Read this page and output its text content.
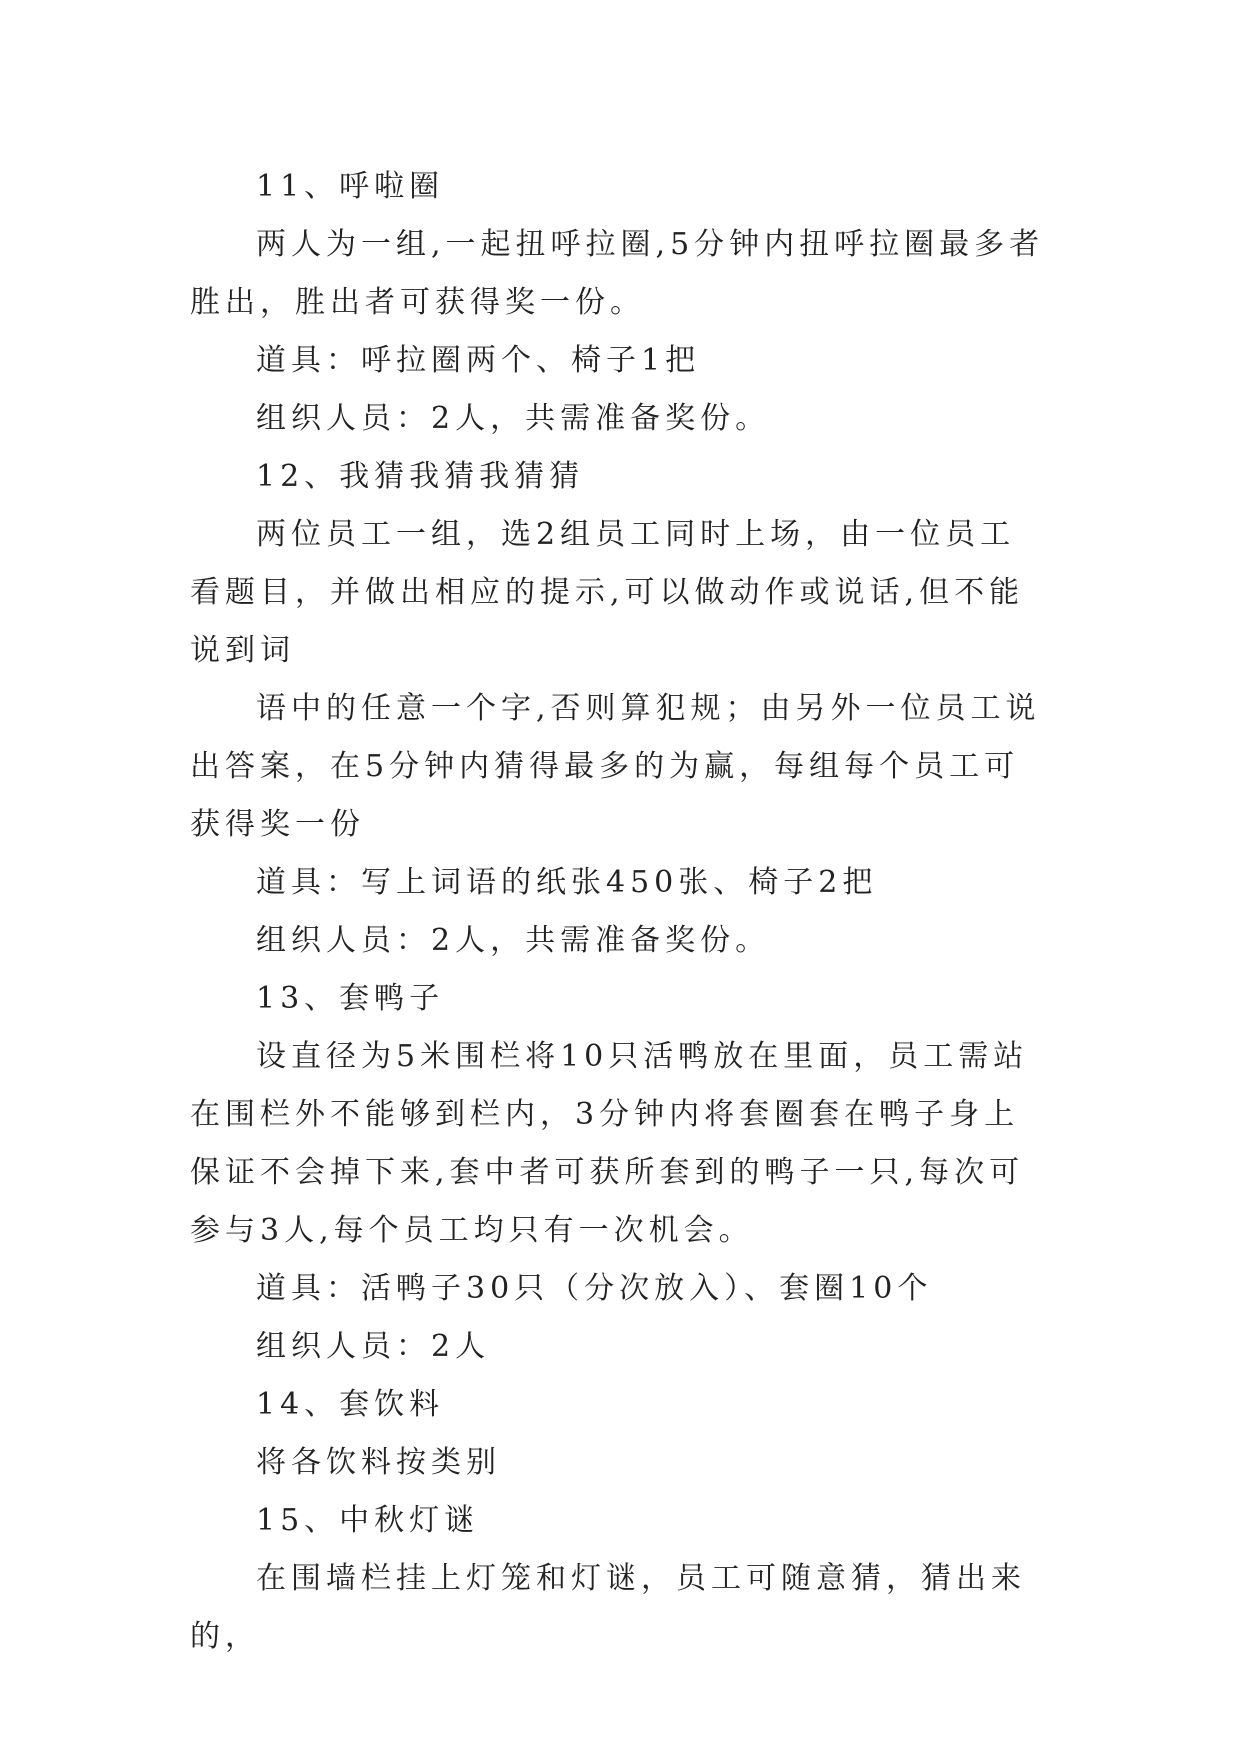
11、呼啦圈

两人为一组,一起扭呼拉圈,5分钟内扭呼拉圈最多者胜出，胜出者可获得奖一份。

道具：呼拉圈两个、椅子1把

组织人员：2人，共需准备奖份。

12、我猜我猜我猜猜

两位员工一组，选2组员工同时上场，由一位员工看题目，并做出相应的提示,可以做动作或说话,但不能说到词

语中的任意一个字,否则算犯规；由另外一位员工说出答案，在5分钟内猜得最多的为赢，每组每个员工可获得奖一份

道具：写上词语的纸张450张、椅子2把

组织人员：2人，共需准备奖份。

13、套鸭子

设直径为5米围栏将10只活鸭放在里面，员工需站在围栏外不能够到栏内，3分钟内将套圈套在鸭子身上保证不会掉下来,套中者可获所套到的鸭子一只,每次可参与3人,每个员工均只有一次机会。

道具：活鸭子30只（分次放入）、套圈10个

组织人员：2人

14、套饮料

将各饮料按类别

15、中秋灯谜

在围墙栏挂上灯笼和灯谜，员工可随意猜，猜出来的，
